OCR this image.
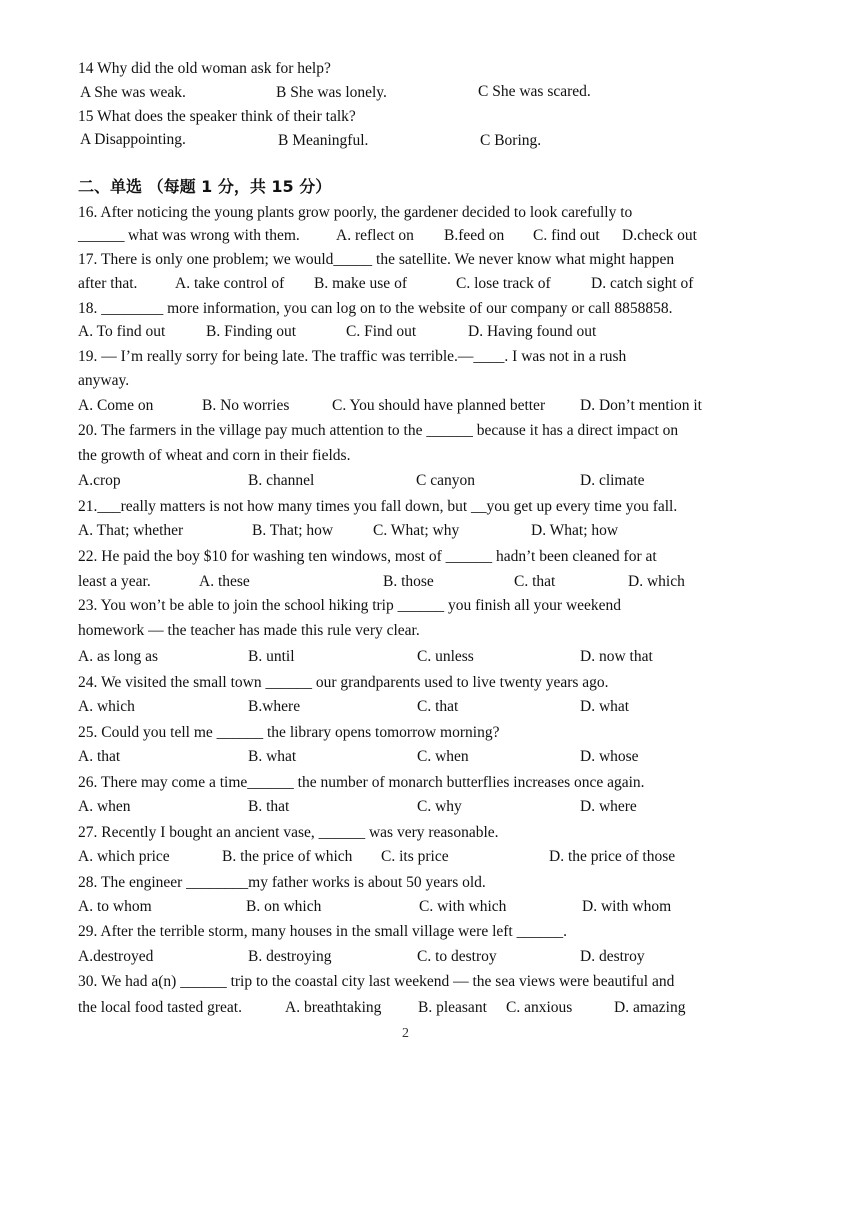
14 Why did the old woman ask for help?
A She was weak.	B She was lonely.	C She was scared.
15 What does the speaker think of their talk?
A Disappointing.	B Meaningful.	C Boring.
二、单选 （每题 1 分，共 15 分）
16. After noticing the young plants grow poorly, the gardener decided to look carefully to
______ what was wrong with them. A. reflect on B.feed on C. find out D.check out
17. There is only one problem; we would_____ the satellite. We never know what might happen
after that. A. take control of B. make use of	C. lose track of	D. catch sight of
18. ________ more information, you can log on to the website of our company or call 8858858.
A. To find out	B. Finding out	C. Find out	D. Having found out
19. — I’m really sorry for being late. The traffic was terrible.—____. I was not in a rush
anyway.
A. Come on	B. No worries	C. You should have planned better D. Don’t mention it
20. The farmers in the village pay much attention to the ______ because it has a direct impact on
the growth of wheat and corn in their fields.
A.crop	B. channel	C canyon	D. climate
21.___really matters is not how many times you fall down, but __you get up every time you fall.
A. That; whether	B. That; how	C. What; why	D. What; how
22. He paid the boy $10 for washing ten windows, most of ______ hadn’t been cleaned for at
least a year.	A. these	B. those	C. that	D. which
23. You won’t be able to join the school hiking trip ______ you finish all your weekend
homework — the teacher has made this rule very clear.
A. as long as	B. until	C. unless	D. now that
24. We visited the small town ______ our grandparents used to live twenty years ago.
A. which	B.where	C. that	D. what
25. Could you tell me ______ the library opens tomorrow morning?
A. that	B. what	C. when	D. whose
26. There may come a time______ the number of monarch butterflies increases once again.
A. when	B. that	C. why	D. where
27. Recently I bought an ancient vase, ______ was very reasonable.
A. which price	B. the price of which C. its price	D. the price of those
28. The engineer ________my father works is about 50 years old.
A. to whom	B. on which	C. with which	D. with whom
29. After the terrible storm, many houses in the small village were left ______.
A.destroyed	B. destroying	C. to destroy	D. destroy
30. We had a(n) ______ trip to the coastal city last weekend — the sea views were beautiful and
the local food tasted great.	A. breathtaking B. pleasant C. anxious	D. amazing
2
